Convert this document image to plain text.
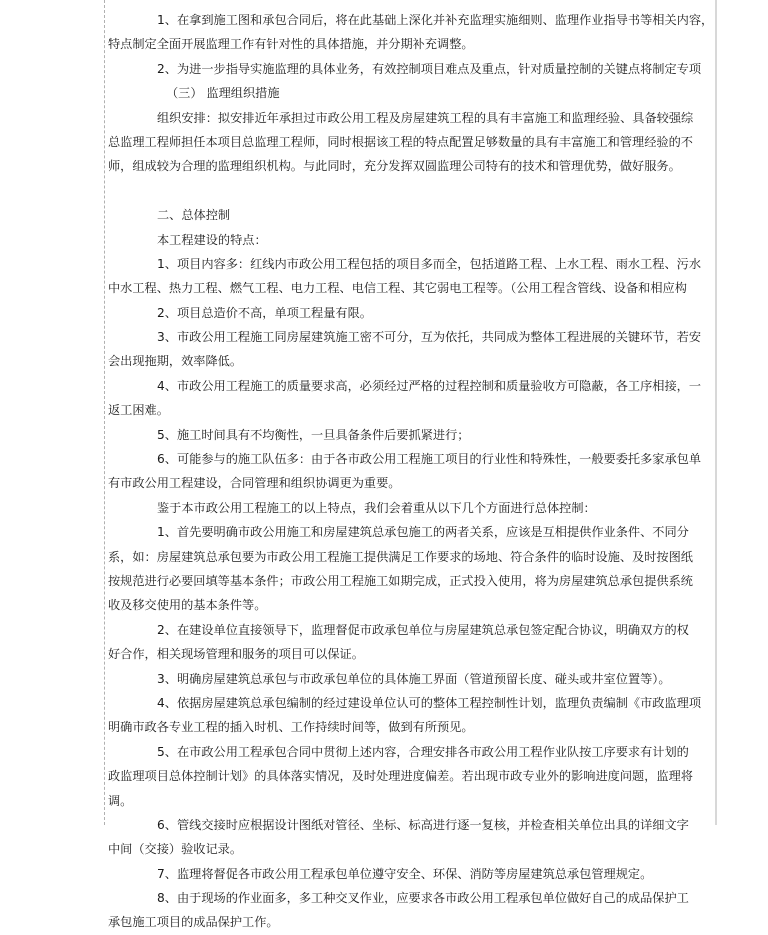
1、在拿到施工图和承包合同后，将在此基础上深化并补充监理实施细则、监理作业指导书等相关内容，
特点制定全面开展监理工作有针对性的具体措施，并分期补充调整。
2、为进一步指导实施监理的具体业务，有效控制项目难点及重点，针对质量控制的关键点将制定专项
（三） 监理组织措施
组织安排：拟安排近年承担过市政公用工程及房屋建筑工程的具有丰富施工和监理经验、具备较强综
总监理工程师担任本项目总监理工程师，同时根据该工程的特点配置足够数量的具有丰富施工和管理经验的不
师，组成较为合理的监理组织机构。与此同时，充分发挥双圆监理公司特有的技术和管理优势，做好服务。
二、总体控制
本工程建设的特点：
1、项目内容多：红线内市政公用工程包括的项目多而全，包括道路工程、上水工程、雨水工程、污水
中水工程、热力工程、燃气工程、电力工程、电信工程、其它弱电工程等。（公用工程含管线、设备和相应构
2、项目总造价不高，单项工程量有限。
3、市政公用工程施工同房屋建筑施工密不可分，互为依托，共同成为整体工程进展的关键环节，若安
会出现拖期，效率降低。
4、市政公用工程施工的质量要求高，必须经过严格的过程控制和质量验收方可隐蔽，各工序相接，一
返工困难。
5、施工时间具有不均衡性，一旦具备条件后要抓紧进行；
6、可能参与的施工队伍多：由于各市政公用工程施工项目的行业性和特殊性，一般要委托多家承包单
有市政公用工程建设，合同管理和组织协调更为重要。
鉴于本市政公用工程施工的以上特点，我们会着重从以下几个方面进行总体控制：
1、首先要明确市政公用施工和房屋建筑总承包施工的两者关系，应该是互相提供作业条件、不同分
系，如：房屋建筑总承包要为市政公用工程施工提供满足工作要求的场地、符合条件的临时设施、及时按图纸
按规范进行必要回填等基本条件；市政公用工程施工如期完成，正式投入使用，将为房屋建筑总承包提供系统
收及移交使用的基本条件等。
2、在建设单位直接领导下，监理督促市政承包单位与房屋建筑总承包签定配合协议，明确双方的权
好合作，相关现场管理和服务的项目可以保证。
3、明确房屋建筑总承包与市政承包单位的具体施工界面（管道预留长度、碰头或井室位置等）。
4、依据房屋建筑总承包编制的经过建设单位认可的整体工程控制性计划，监理负责编制《市政监理项
明确市政各专业工程的插入时机、工作持续时间等，做到有所预见。
5、在市政公用工程承包合同中贯彻上述内容，合理安排各市政公用工程作业队按工序要求有计划的
政监理项目总体控制计划》的具体落实情况，及时处理进度偏差。若出现市政专业外的影响进度问题，监理将
调。
6、管线交接时应根据设计图纸对管径、坐标、标高进行逐一复核，并检查相关单位出具的详细文字
中间（交接）验收记录。
7、监理将督促各市政公用工程承包单位遵守安全、环保、消防等房屋建筑总承包管理规定。
8、由于现场的作业面多，多工种交叉作业，应要求各市政公用工程承包单位做好自己的成品保护工
承包施工项目的成品保护工作。
